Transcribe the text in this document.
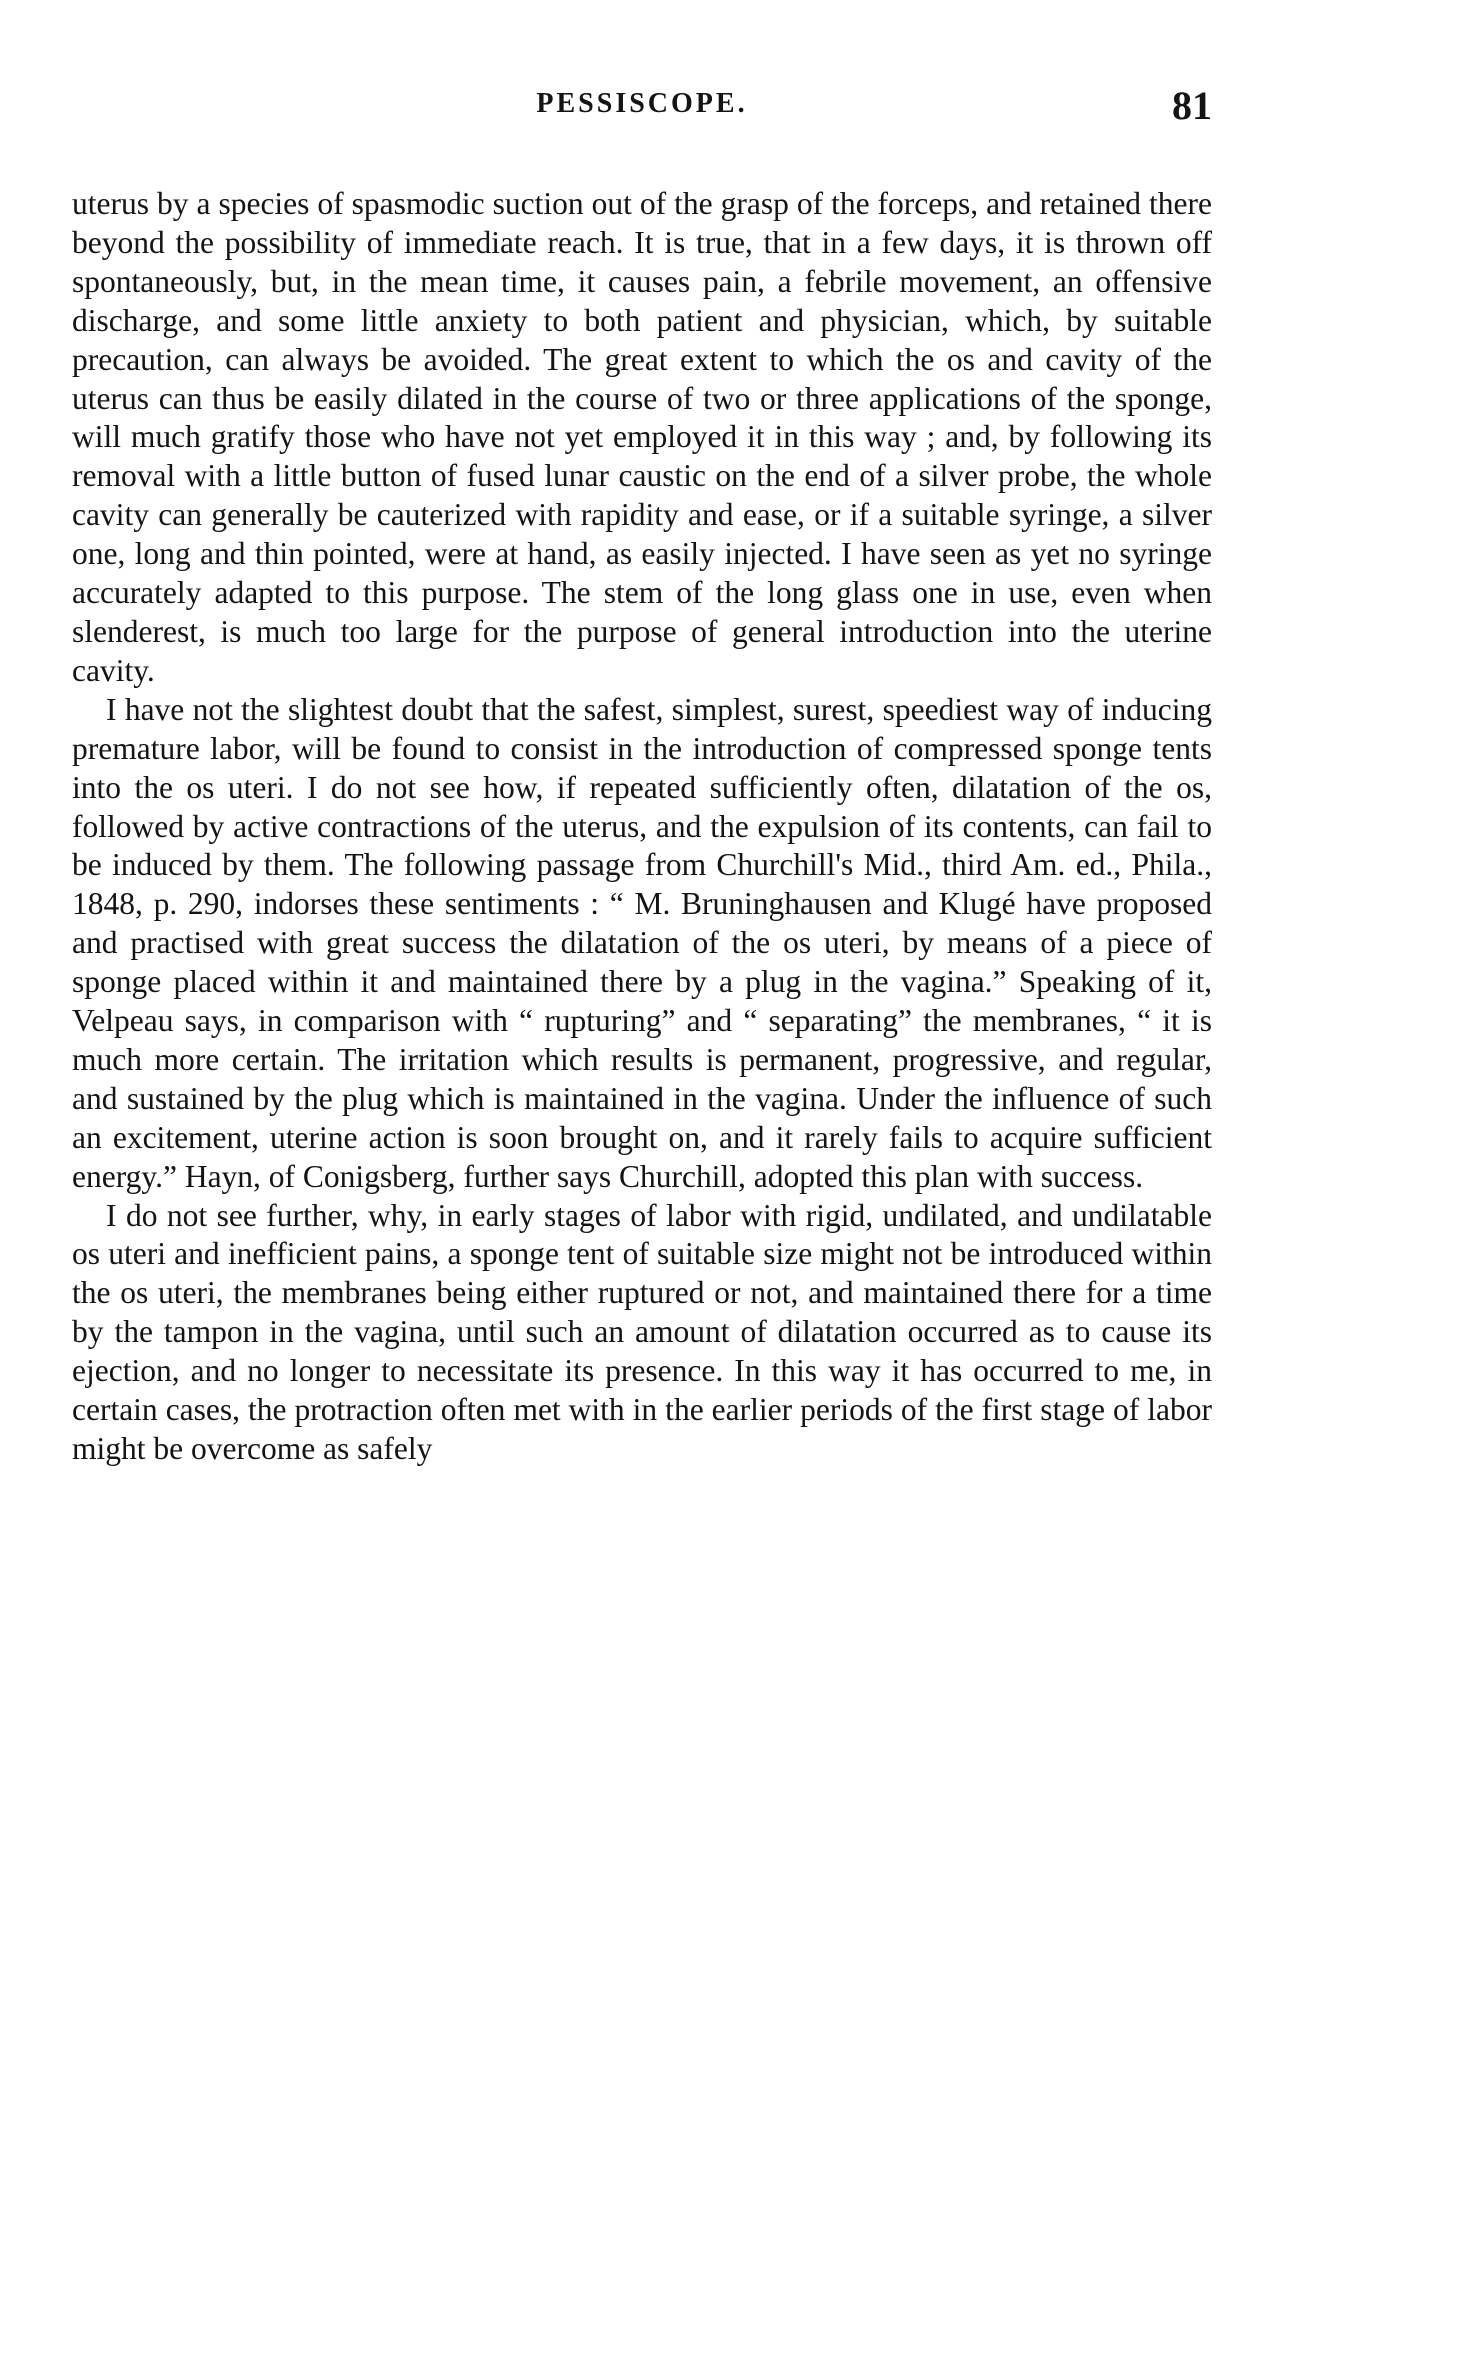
PESSISCOPE.	81

uterus by a species of spasmodic suction out of the grasp of the forceps, and retained there beyond the possibility of immediate reach. It is true, that in a few days, it is thrown off spontaneously, but, in the mean time, it causes pain, a febrile movement, an offensive discharge, and some little anxiety to both patient and physician, which, by suitable precaution, can always be avoided. The great extent to which the os and cavity of the uterus can thus be easily dilated in the course of two or three applications of the sponge, will much gratify those who have not yet employed it in this way ; and, by following its removal with a little button of fused lunar caustic on the end of a silver probe, the whole cavity can generally be cauterized with rapidity and ease, or if a suitable syringe, a silver one, long and thin pointed, were at hand, as easily injected. I have seen as yet no syringe accurately adapted to this purpose. The stem of the long glass one in use, even when slenderest, is much too large for the purpose of general introduction into the uterine cavity.

I have not the slightest doubt that the safest, simplest, surest, speediest way of inducing premature labor, will be found to consist in the introduction of compressed sponge tents into the os uteri. I do not see how, if repeated sufficiently often, dilatation of the os, followed by active contractions of the uterus, and the expulsion of its contents, can fail to be induced by them. The following passage from Churchill's Mid., third Am. ed., Phila., 1848, p. 290, indorses these sentiments : “ M. Bruninghausen and Klugé have proposed and practised with great success the dilatation of the os uteri, by means of a piece of sponge placed within it and maintained there by a plug in the vagina.” Speaking of it, Velpeau says, in comparison with “ rupturing” and “ separating” the membranes, “ it is much more certain. The irritation which results is permanent, progressive, and regular, and sustained by the plug which is maintained in the vagina. Under the influence of such an excitement, uterine action is soon brought on, and it rarely fails to acquire sufficient energy.” Hayn, of Conigsberg, further says Churchill, adopted this plan with success.

I do not see further, why, in early stages of labor with rigid, undilated, and undilatable os uteri and inefficient pains, a sponge tent of suitable size might not be introduced within the os uteri, the membranes being either ruptured or not, and maintained there for a time by the tampon in the vagina, until such an amount of dilatation occurred as to cause its ejection, and no longer to necessitate its presence. In this way it has occurred to me, in certain cases, the protraction often met with in the earlier periods of the first stage of labor might be overcome as safely
